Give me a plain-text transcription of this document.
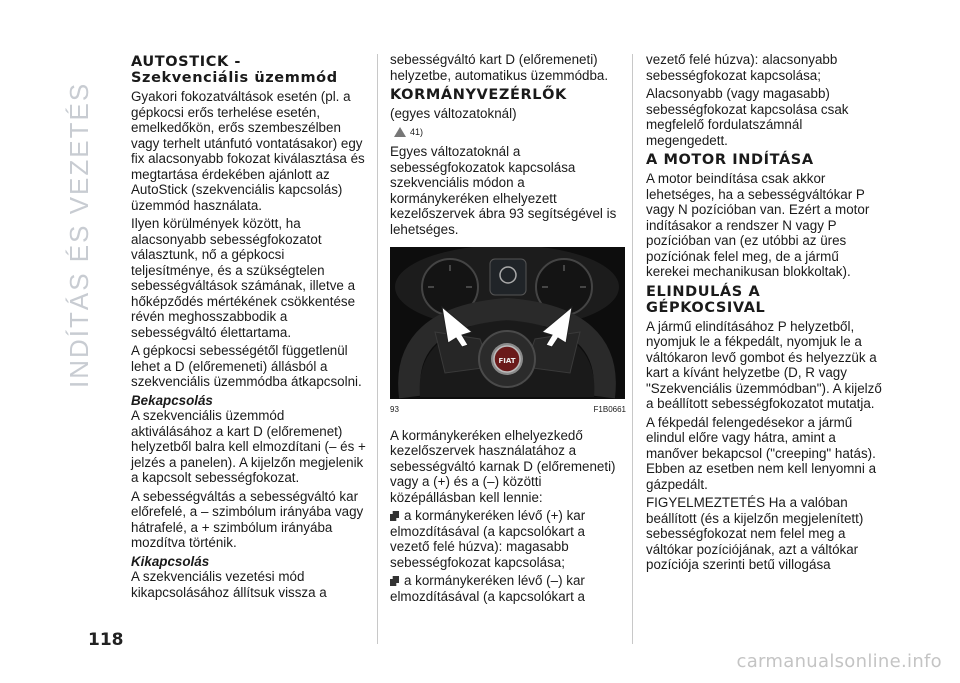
INDÍTÁS ÉS VEZETÉS
AUTOSTICK -
Szekvenciális üzemmód

Gyakori fokozatváltások esetén (pl. a gépkocsi erős terhelése esetén, emelkedőkön, erős szembeszélben vagy terhelt utánfutó vontatásakor) egy fix alacsonyabb fokozat kiválasztása és megtartása érdekében ajánlott az AutoStick (szekvenciális kapcsolás) üzemmód használata.

Ilyen körülmények között, ha alacsonyabb sebességfokozatot választunk, nő a gépkocsi teljesítménye, és a szükségtelen sebességváltások számának, illetve a hőképződés mértékének csökkentése révén meghosszabbodik a sebességváltó élettartama.

A gépkocsi sebességétől függetlenül lehet a D (előremeneti) állásból a szekvenciális üzemmódba átkapcsolni.

Bekapcsolás

A szekvenciális üzemmód aktiválásához a kart D (előremenet) helyzetből balra kell elmozdítani (– és + jelzés a panelen). A kijelzőn megjelenik a kapcsolt sebességfokozat.

A sebességváltás a sebességváltó kar előrefelé, a – szimbólum irányába vagy hátrafelé, a + szimbólum irányába mozdítva történik.

Kikapcsolás

A szekvenciális vezetési mód kikapcsolásához állítsuk vissza a

sebességváltó kart D (előremeneti) helyzetbe, automatikus üzemmódba.

KORMÁNYVEZÉRLŐK

(egyes változatoknál)

41)

Egyes változatoknál a sebességfokozatok kapcsolása szekvenciális módon a kormánykeréken elhelyezett kezelőszervek ábra 93 segítségével is lehetséges.

FIAT
93	F1B0661

A kormánykeréken elhelyezkedő kezelőszervek használatához a sebességváltó karnak D (előremeneti) vagy a (+) és a (–) közötti középállásban kell lennie:

a kormánykeréken lévő (+) kar elmozdításával (a kapcsolókart a vezető felé húzva): magasabb sebességfokozat kapcsolása;

a kormánykeréken lévő (–) kar elmozdításával (a kapcsolókart a

vezető felé húzva): alacsonyabb sebességfokozat kapcsolása;

Alacsonyabb (vagy magasabb) sebességfokozat kapcsolása csak megfelelő fordulatszámnál megengedett.

A MOTOR INDÍTÁSA

A motor beindítása csak akkor lehetséges, ha a sebességváltókar P vagy N pozícióban van. Ezért a motor indításakor a rendszer N vagy P pozícióban van (ez utóbbi az üres pozíciónak felel meg, de a jármű kerekei mechanikusan blokkoltak).

ELINDULÁS A
GÉPKOCSIVAL

A jármű elindításához P helyzetből, nyomjuk le a fékpedált, nyomjuk le a váltókaron levő gombot és helyezzük a kart a kívánt helyzetbe (D, R vagy "Szekvenciális üzemmódban"). A kijelző a beállított sebességfokozatot mutatja.

A fékpedál felengedésekor a jármű elindul előre vagy hátra, amint a manőver bekapcsol ("creeping" hatás). Ebben az esetben nem kell lenyomni a gázpedált.

FIGYELMEZTETÉS Ha a valóban beállított (és a kijelzőn megjelenített) sebességfokozat nem felel meg a váltókar pozíciójának, azt a váltókar pozíciója szerinti betű villogása

118
carmanualsonline.info
